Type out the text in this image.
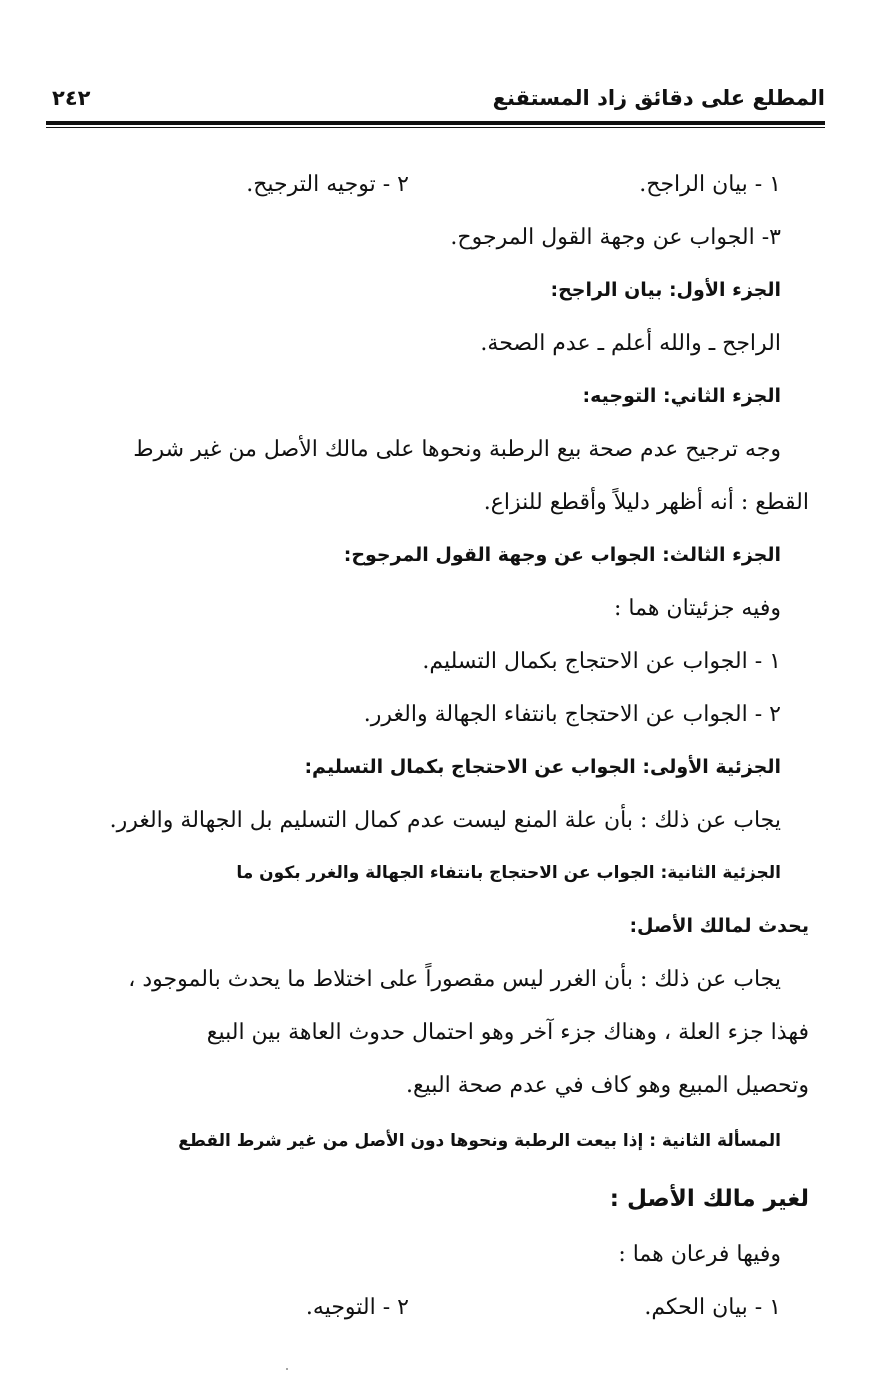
المطلع على دقائق زاد المستقنع
٢٤٢
١ - بيان الراجح.
٢ - توجيه الترجيح.
٣- الجواب عن وجهة القول المرجوح.
الجزء الأول: بيان الراجح:
الراجح ـ والله أعلم ـ عدم الصحة.
الجزء الثاني: التوجيه:
وجه ترجيح عدم صحة بيع الرطبة ونحوها على مالك الأصل من غير شرط
القطع : أنه أظهر دليلاً وأقطع للنزاع.
الجزء الثالث: الجواب عن وجهة القول المرجوح:
وفيه جزئيتان هما :
١ - الجواب عن الاحتجاج بكمال التسليم.
٢ - الجواب عن الاحتجاج بانتفاء الجهالة والغرر.
الجزئية الأولى: الجواب عن الاحتجاج بكمال التسليم:
يجاب عن ذلك : بأن علة المنع ليست عدم كمال التسليم بل الجهالة والغرر.
الجزئية الثانية: الجواب عن الاحتجاج بانتفاء الجهالة والغرر بكون ما
يحدث لمالك الأصل:
يجاب عن ذلك : بأن الغرر ليس مقصوراً على اختلاط ما يحدث بالموجود ،
فهذا جزء العلة ، وهناك جزء آخر وهو احتمال حدوث العاهة بين البيع
وتحصيل المبيع وهو كاف في عدم صحة البيع.
المسألة الثانية : إذا بيعت الرطبة ونحوها دون الأصل من غير شرط القطع
لغير مالك الأصل :
وفيها فرعان هما :
١ - بيان الحكم.
٢ - التوجيه.
